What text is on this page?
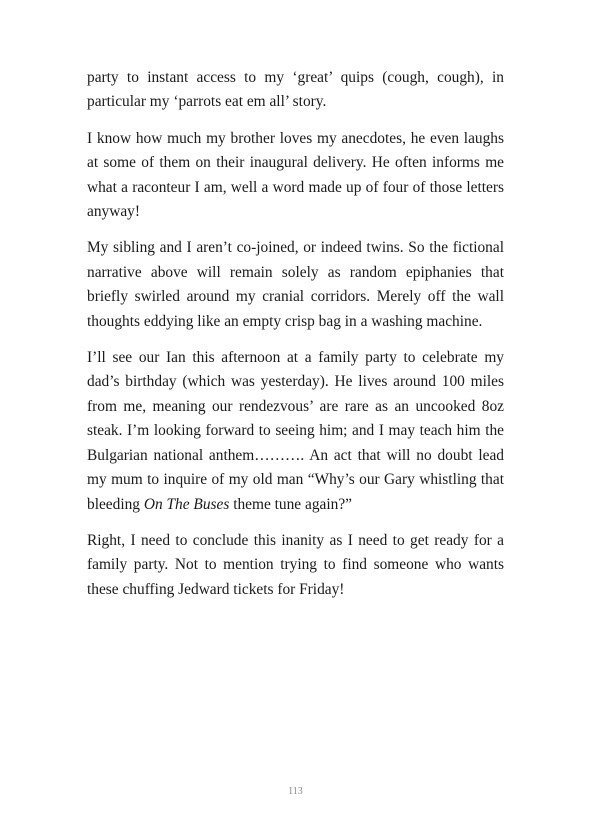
party to instant access to my ‘great’ quips (cough, cough), in particular my ‘parrots eat em all’ story.

I know how much my brother loves my anecdotes, he even laughs at some of them on their inaugural delivery. He often informs me what a raconteur I am, well a word made up of four of those letters anyway!

My sibling and I aren’t co-joined, or indeed twins. So the fictional narrative above will remain solely as random epiphanies that briefly swirled around my cranial corridors. Merely off the wall thoughts eddying like an empty crisp bag in a washing machine.

I’ll see our Ian this afternoon at a family party to celebrate my dad’s birthday (which was yesterday). He lives around 100 miles from me, meaning our rendezvous’ are rare as an uncooked 8oz steak. I’m looking forward to seeing him; and I may teach him the Bulgarian national anthem………. An act that will no doubt lead my mum to inquire of my old man “Why’s our Gary whistling that bleeding On The Buses theme tune again?”

Right, I need to conclude this inanity as I need to get ready for a family party. Not to mention trying to find someone who wants these chuffing Jedward tickets for Friday!

113
